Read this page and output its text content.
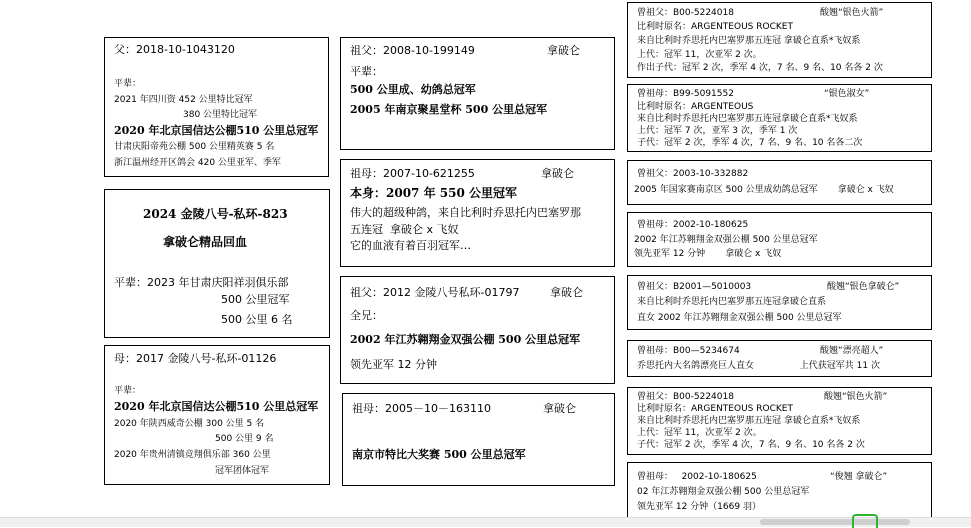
父：2018-10-1043120
平辈：
2021 年四川资 452 公里特比冠军
380 公里特比冠军
2020 年北京国信达公棚510 公里总冠军
甘肃庆阳帝苑公棚 500 公里精英赛 5 名
浙江温州经开区鸽会 420 公里亚军、季军
2024 金陵八号-私环-823
拿破仑精品回血
平辈：2023 年甘肃庆阳祥羽俱乐部
500 公里冠军
500 公里 6 名
母：2017 金陵八号-私环-01126
平辈：
2020 年北京国信达公棚510 公里总冠军
2020 年陕西威奇公棚 300 公里 5 名
500 公里 9 名
2020 年贵州清镇竞翔俱乐部 360 公里
冠军团体冠军
祖父：2008-10-199149	拿破仑
平辈：
500 公里成、幼鸽总冠军
2005 年南京聚星堂杯 500 公里总冠军
祖母：2007-10-621255	拿破仑
本身：2007 年 550 公里冠军
伟大的超级种鸽，来自比利时乔思托内巴塞罗那
五连冠  拿破仑 x 飞奴
它的血液有着百羽冠军…
祖父：2012 金陵八号私环-01797	拿破仑
全兄：
2002 年江苏翱翔金双强公棚 500 公里总冠军
领先亚军 12 分钟
祖母：2005－10－163110	拿破仑
南京市特比大奖赛 500 公里总冠军
曾祖父：B00-5224018	酸翘“银色火箭”
比利时原名：ARGENTEOUS ROCKET
来自比利时乔思托内巴塞罗那五连冠 拿破仑直系*飞奴系
上代：冠军 11，次亚军 2 次。
作出子代：冠军 2 次，季军 4 次，7 名、9 名、10 名各 2 次
曾祖母：B99-5091552	“银色淑女”
比利时原名：ARGENTEOUS
来自比利时乔思托内巴塞罗那五连冠拿破仑直系*飞奴系
上代：冠军 7 次，亚军 3 次，季军 1 次
子代：冠军 2 次，季军 4 次，7 名、9 名、10 名各二次
曾祖父：2003-10-332882
2005 年国家赛南京区 500 公里成幼鸽总冠军       拿破仑 x 飞奴
曾祖母：2002-10-180625
2002 年江苏翱翔金双强公棚 500 公里总冠军
领先亚军 12 分钟       拿破仑 x 飞奴
曾祖父：B2001—5010003	酸翘“银色拿破仑”
来自比利时乔思托内巴塞罗那五连冠拿破仑直系
直女 2002 年江苏翱翔金双强公棚 500 公里总冠军
曾祖母：B00—5234674	酸翘“漂亮超人”
乔思托内大名鸽漂亮巨人直女                上代获冠军共 11 次
曾祖父：B00-5224018	酸翘“银色火箭”
比利时原名：ARGENTEOUS ROCKET
来自比利时乔思托内巴塞罗那五连冠 拿破仑直系*飞奴系
上代：冠军 11，次亚军 2 次。
子代：冠军 2 次，季军 4 次，7 名、9 名、10 名各 2 次
曾祖母：   2002-10-180625	“俊翘 拿破仑”
02 年江苏翱翔金双强公棚 500 公里总冠军
领先亚军 12 分钟（1669 羽）
